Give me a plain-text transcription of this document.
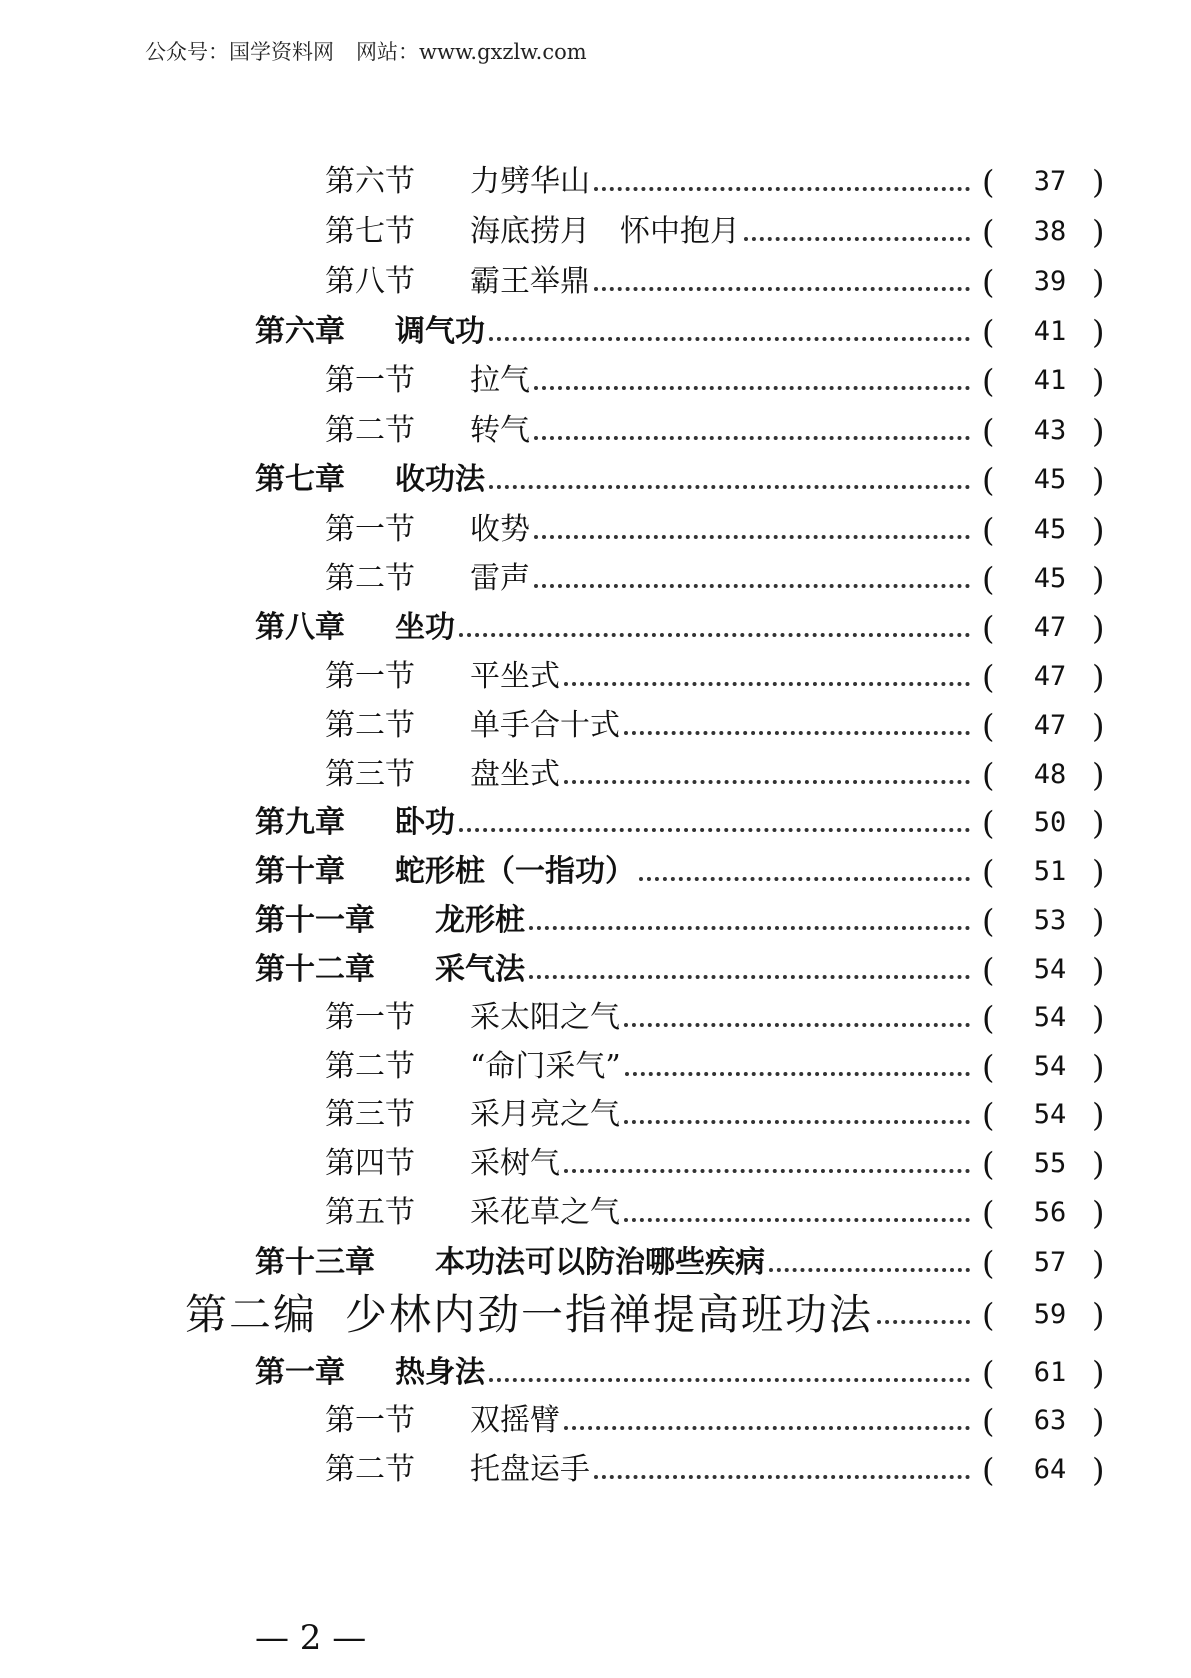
公众号：国学资料网 网站：www.gxzlw.com
第六节 力劈华山	(	37 )
第七节 海底捞月　怀中抱月	(	38 )
第八节 霸王举鼎	(	39 )
第六章 调气功	(	41 )
第一节 拉气	(	41 )
第二节 转气	(	43 )
第七章 收功法	(	45 )
第一节 收势	(	45 )
第二节 雷声	(	45 )
第八章 坐功	(	47 )
第一节 平坐式	(	47 )
第二节 单手合十式	(	47 )
第三节 盘坐式	(	48 )
第九章 卧功	(	50 )
第十章 蛇形桩（一指功）	(	51 )
第十一章 龙形桩	(	53 )
第十二章 采气法	(	54 )
第一节 采太阳之气	(	54 )
第二节 “命门采气”	(	54 )
第三节 采月亮之气	(	54 )
第四节 采树气	(	55 )
第五节 采花草之气	(	56 )
第十三章 本功法可以防治哪些疾病	(	57 )
第二编 少林内劲一指禅提高班功法	(	59 )
第一章 热身法	(	61 )
第一节 双摇臂	(	63 )
第二节 托盘运手	(	64 )
— 2 —
